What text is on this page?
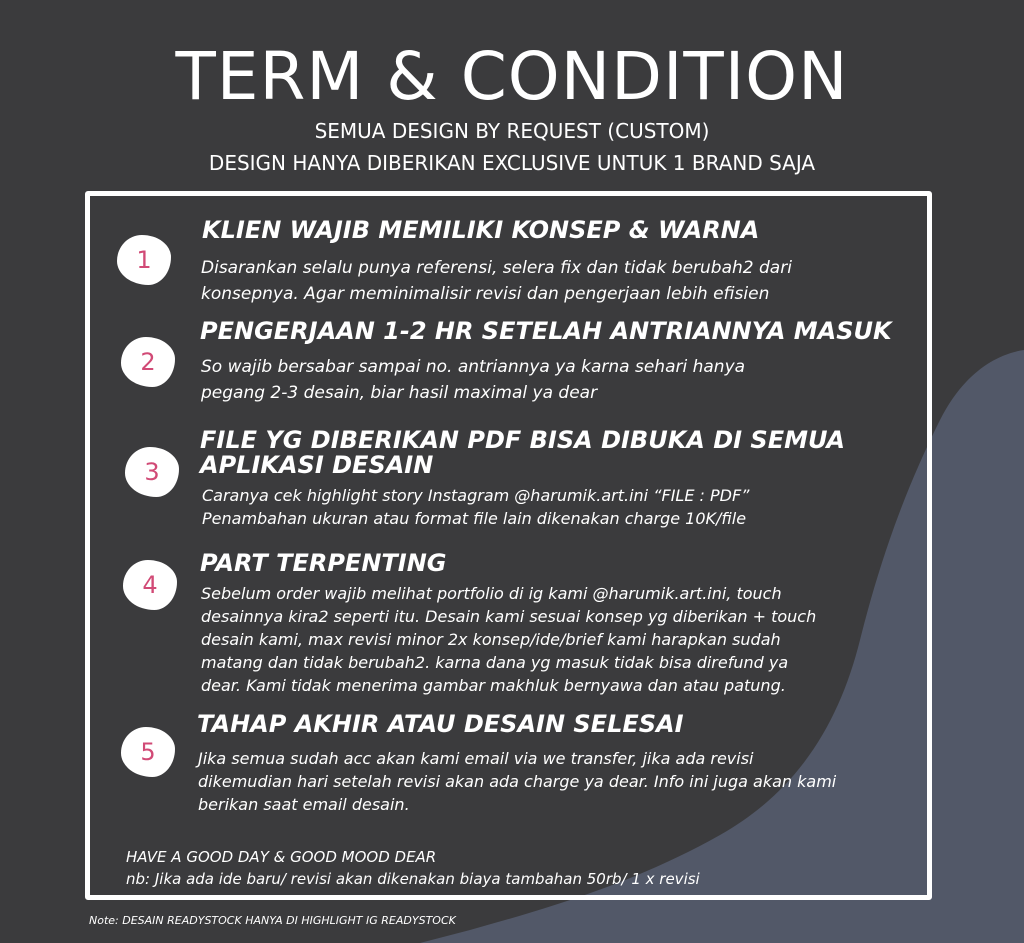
TERM & CONDITION
SEMUA DESIGN BY REQUEST (CUSTOM)
DESIGN HANYA DIBERIKAN EXCLUSIVE UNTUK 1 BRAND SAJA
1
KLIEN WAJIB MEMILIKI KONSEP & WARNA
Disarankan selalu punya referensi, selera fix dan tidak berubah2 dari
konsepnya. Agar meminimalisir revisi dan pengerjaan lebih efisien
2
PENGERJAAN 1-2 HR SETELAH ANTRIANNYA MASUK
So wajib bersabar sampai no. antriannya ya karna sehari hanya
pegang 2-3 desain, biar hasil maximal ya dear
3
FILE YG DIBERIKAN PDF BISA DIBUKA DI SEMUA
APLIKASI DESAIN
Caranya cek highlight story Instagram @harumik.art.ini “FILE : PDF”
Penambahan ukuran atau format file lain dikenakan charge 10K/file
4
PART TERPENTING
Sebelum order wajib melihat portfolio di ig kami @harumik.art.ini, touch
desainnya kira2 seperti itu. Desain kami sesuai konsep yg diberikan + touch
desain kami, max revisi minor 2x konsep/ide/brief kami harapkan sudah
matang dan tidak berubah2. karna dana yg masuk tidak bisa direfund ya
dear. Kami tidak menerima gambar makhluk bernyawa dan atau patung.
5
TAHAP AKHIR ATAU DESAIN SELESAI
Jika semua sudah acc akan kami email via we transfer, jika ada revisi
dikemudian hari setelah revisi akan ada charge ya dear. Info ini juga akan kami
berikan saat email desain.
HAVE A GOOD DAY & GOOD MOOD DEAR
nb: Jika ada ide baru/ revisi akan dikenakan biaya tambahan 50rb/ 1 x revisi
Note: DESAIN READYSTOCK HANYA DI HIGHLIGHT IG READYSTOCK
